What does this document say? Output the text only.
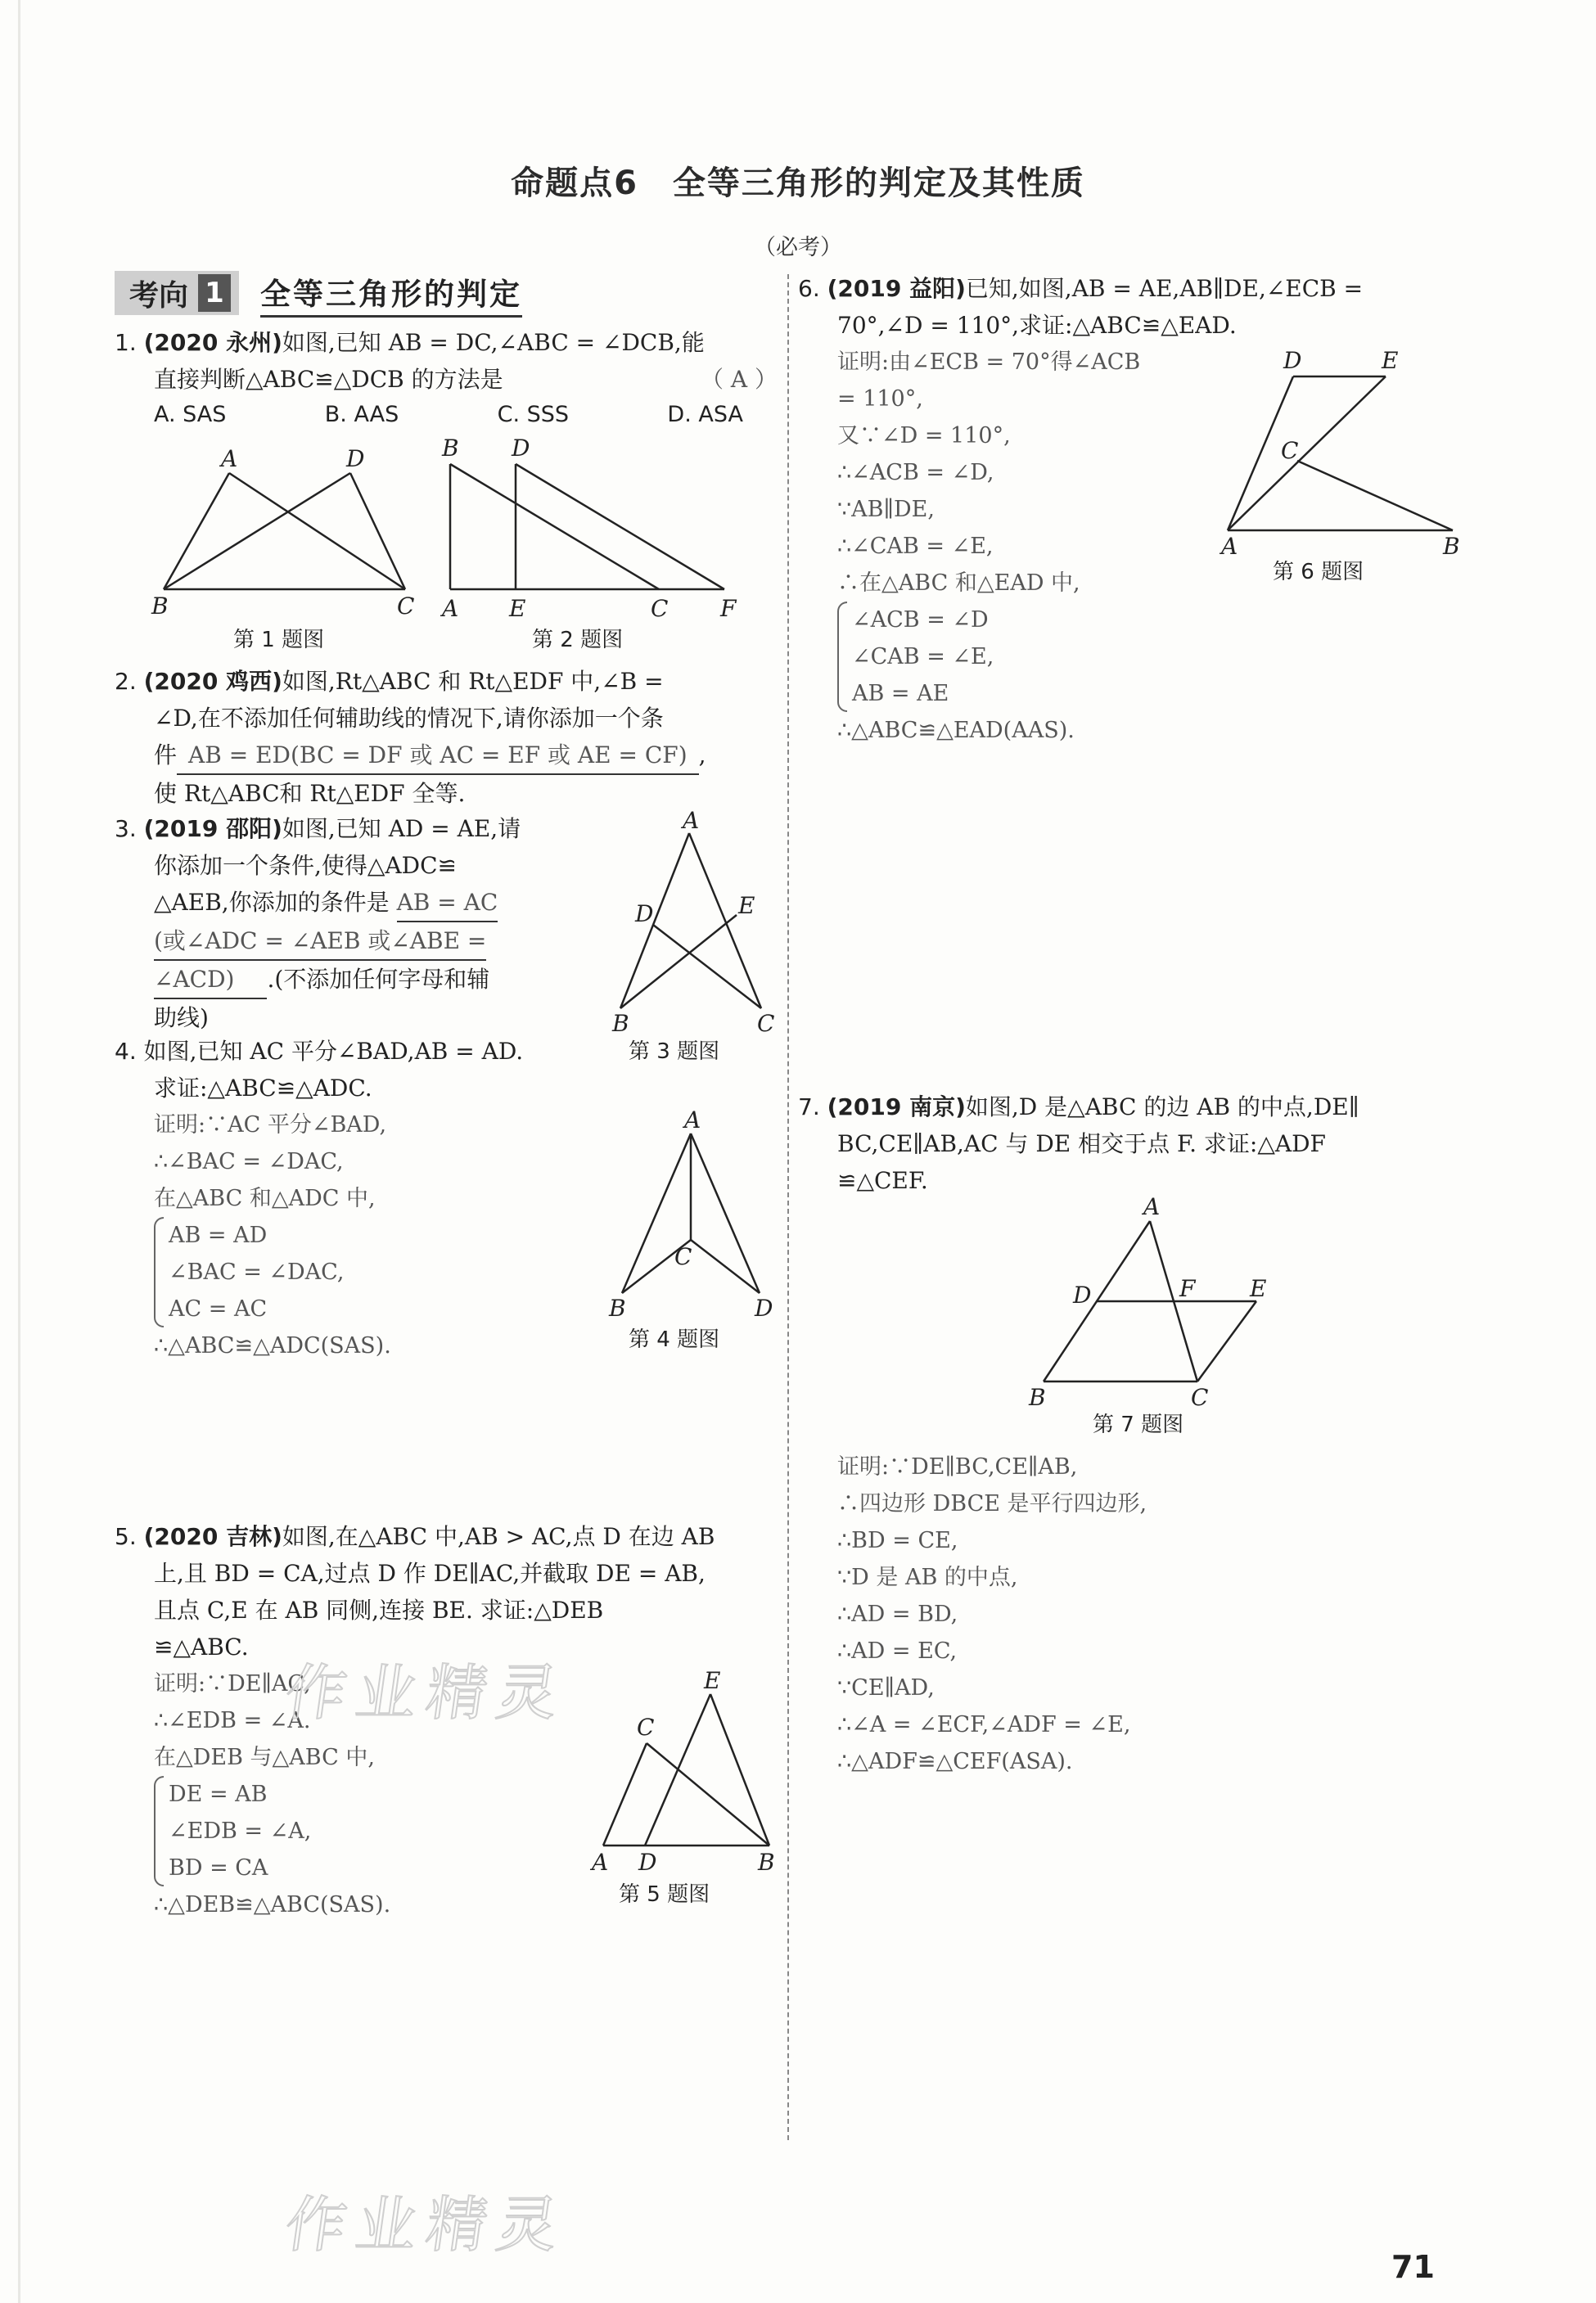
命题点6　全等三角形的判定及其性质
（必考）
考向 1 全等三角形的判定

1. (2020 永州)如图,已知 AB = DC,∠ABC = ∠DCB,能

直接判断△ABC≌△DCB 的方法是	（ A ）

A. SAS	B. AAS	C. SSS	D. ASA
A	D
B	C
第 1 题图
B D
A E	C F
第 2 题图

2. (2020 鸡西)如图,Rt△ABC 和 Rt△EDF 中,∠B =

∠D,在不添加任何辅助线的情况下,请你添加一个条

件 AB = ED(BC = DF 或 AC = EF 或 AE = CF) ,

使 Rt△ABC和 Rt△EDF 全等.

3. (2019 邵阳)如图,已知 AD = AE,请

你添加一个条件,使得△ADC≌

△AEB,你添加的条件是 AB = AC

(或∠ADC = ∠AEB 或∠ABE =

∠ACD) .(不添加任何字母和辅

助线)

A
D	E
B	C
第 3 题图

4. 如图,已知 AC 平分∠BAD,AB = AD.

求证:△ABC≌△ADC.

证明:∵AC 平分∠BAD,
∴∠BAC = ∠DAC,
在△ABC 和△ADC 中,
AB = AD
∠BAC = ∠DAC,
AC = AC
∴△ABC≌△ADC(SAS).
A
C
B	D
第 4 题图

5. (2020 吉林)如图,在△ABC 中,AB > AC,点 D 在边 AB

上,且 BD = CA,过点 D 作 DE∥AC,并截取 DE = AB,

且点 C,E 在 AB 同侧,连接 BE. 求证:△DEB

≌△ABC.

证明:∵DE∥AC,
∴∠EDB = ∠A.
在△DEB 与△ABC 中,
DE = AB
∠EDB = ∠A,
BD = CA
∴△DEB≌△ABC(SAS).
E
C
A D	B
第 5 题图

6. (2019 益阳)已知,如图,AB = AE,AB∥DE,∠ECB =

70°,∠D = 110°,求证:△ABC≌△EAD.

证明:由∠ECB = 70°得∠ACB
= 110°,
又∵∠D = 110°,
∴∠ACB = ∠D,
∵AB∥DE,
∴∠CAB = ∠E,
∴在△ABC 和△EAD 中,
∠ACB = ∠D
∠CAB = ∠E,
AB = AE
∴△ABC≌△EAD(AAS).
D	E
C
A	B
第 6 题图

7. (2019 南京)如图,D 是△ABC 的边 AB 的中点,DE∥

BC,CE∥AB,AC 与 DE 相交于点 F. 求证:△ADF

≌△CEF.

A
D	F E
B	C
第 7 题图
证明:∵DE∥BC,CE∥AB,
∴四边形 DBCE 是平行四边形,
∴BD = CE,
∵D 是 AB 的中点,
∴AD = BD,
∴AD = EC,
∵CE∥AD,
∴∠A = ∠ECF,∠ADF = ∠E,
∴△ADF≌△CEF(ASA).
作业精灵
作业精灵
71
